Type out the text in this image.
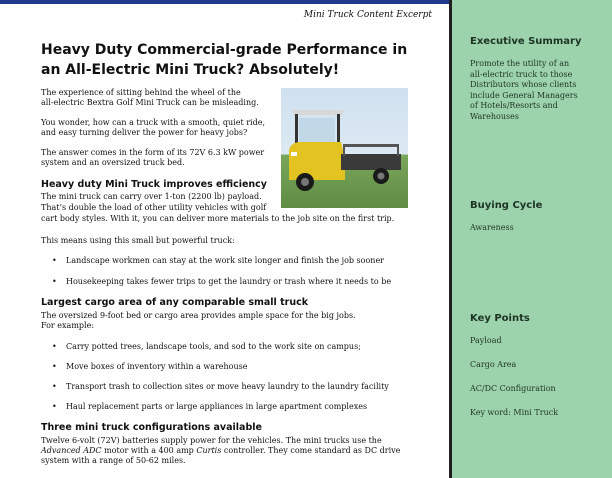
Mini Truck Content Excerpt
Heavy Duty Commercial-grade Performance in an All-Electric Mini Truck? Absolutely!

The experience of sitting behind the wheel of the

all-electric Bextra Golf Mini Truck can be misleading.

You wonder, how can a truck with a smooth, quiet ride,

and easy turning deliver the power for heavy jobs?

The answer comes in the form of its 72V 6.3 kW power

system and an oversized truck bed.

Heavy duty Mini Truck improves efficiency

The mini truck can carry over 1-ton (2200 lb) payload.

That’s double the load of other utility vehicles with golf

cart body styles. With it, you can deliver more materials to the job site on the first trip.

This means using this small but powerful truck:

Landscape workmen can stay at the work site longer and finish the job sooner
Housekeeping takes fewer trips to get the laundry or trash where it needs to be
Largest cargo area of any comparable small truck

The oversized 9-foot bed or cargo area provides ample space for the big jobs.

For example:

Carry potted trees, landscape tools, and sod to the work site on campus;
Move boxes of inventory within a warehouse
Transport trash to collection sites or move heavy laundry to the laundry facility
Haul replacement parts or large appliances in large apartment complexes
Three mini truck configurations available

Twelve 6-volt (72V) batteries supply power for the vehicles. The mini trucks use the

Advanced ADC motor with a 400 amp Curtis controller. They come standard as DC drive

system with a range of 50-62 miles.

Executive Summary
Promote the utility of an
all-electric truck to those
Distributors whose clients
include General Managers
of Hotels/Resorts and
Warehouses
Buying Cycle
Awareness
Key Points
Payload
Cargo Area
AC/DC Configuration
Key word: Mini Truck
